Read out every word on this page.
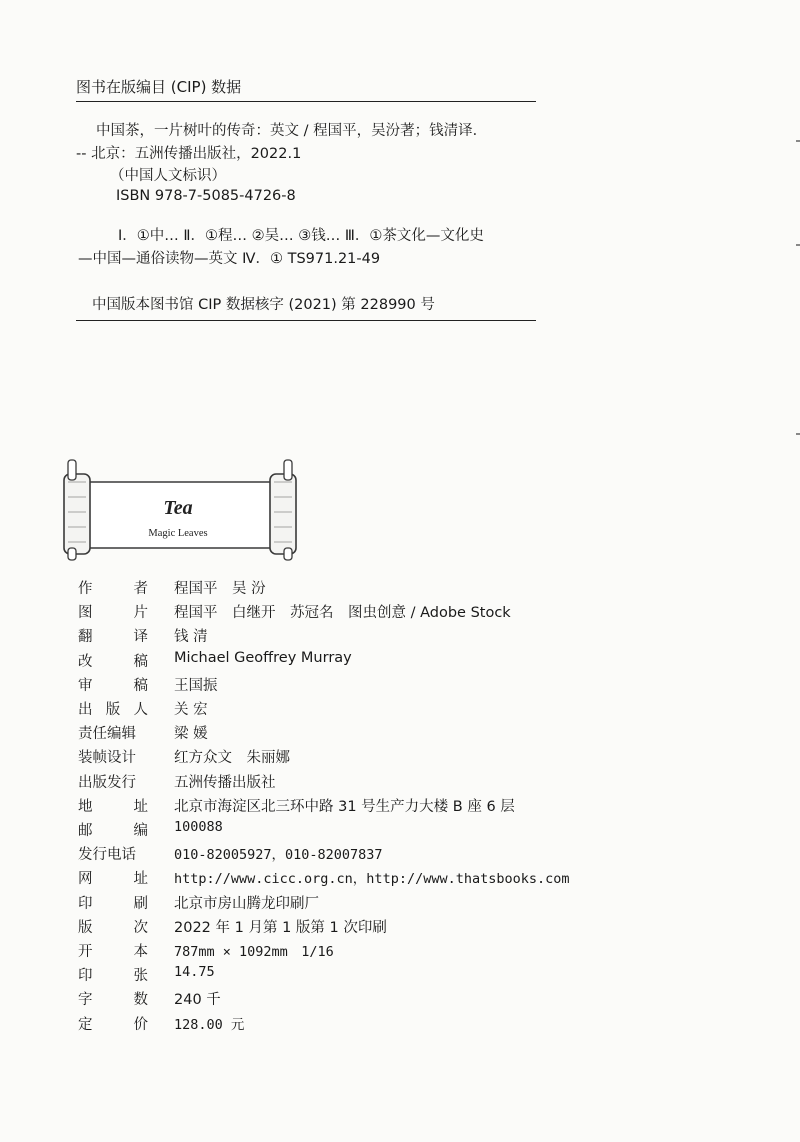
图书在版编目 (CIP) 数据
中国茶，一片树叶的传奇：英文 / 程国平，吴汾著；钱清译．
-- 北京：五洲传播出版社，2022.1
（中国人文标识）
ISBN 978-7-5085-4726-8
Ⅰ．①中… Ⅱ．①程… ②吴… ③钱… Ⅲ．①茶文化—文化史
—中国—通俗读物—英文 Ⅳ．① TS971.21-49
中国版本图书馆 CIP 数据核字 (2021) 第 228990 号
Tea
Magic Leaves
作	者 程国平　吴 汾
图	片 程国平　白继开　苏冠名　图虫创意 / Adobe Stock
翻	译 钱 清
改	稿 Michael Geoffrey Murray
审	稿 王国振
出 版 人 关 宏
责任编辑	梁 媛
装帧设计	红方众文　朱丽娜
出版发行	五洲传播出版社
地	址 北京市海淀区北三环中路 31 号生产力大楼 B 座 6 层
邮	编 100088
发行电话	010-82005927，010-82007837
网	址 http://www.cicc.org.cn，http://www.thatsbooks.com
印	刷 北京市房山腾龙印刷厂
版	次 2022 年 1 月第 1 版第 1 次印刷
开	本 787mm × 1092mm　1/16
印	张 14.75
字	数 240 千
定	价 128.00 元
